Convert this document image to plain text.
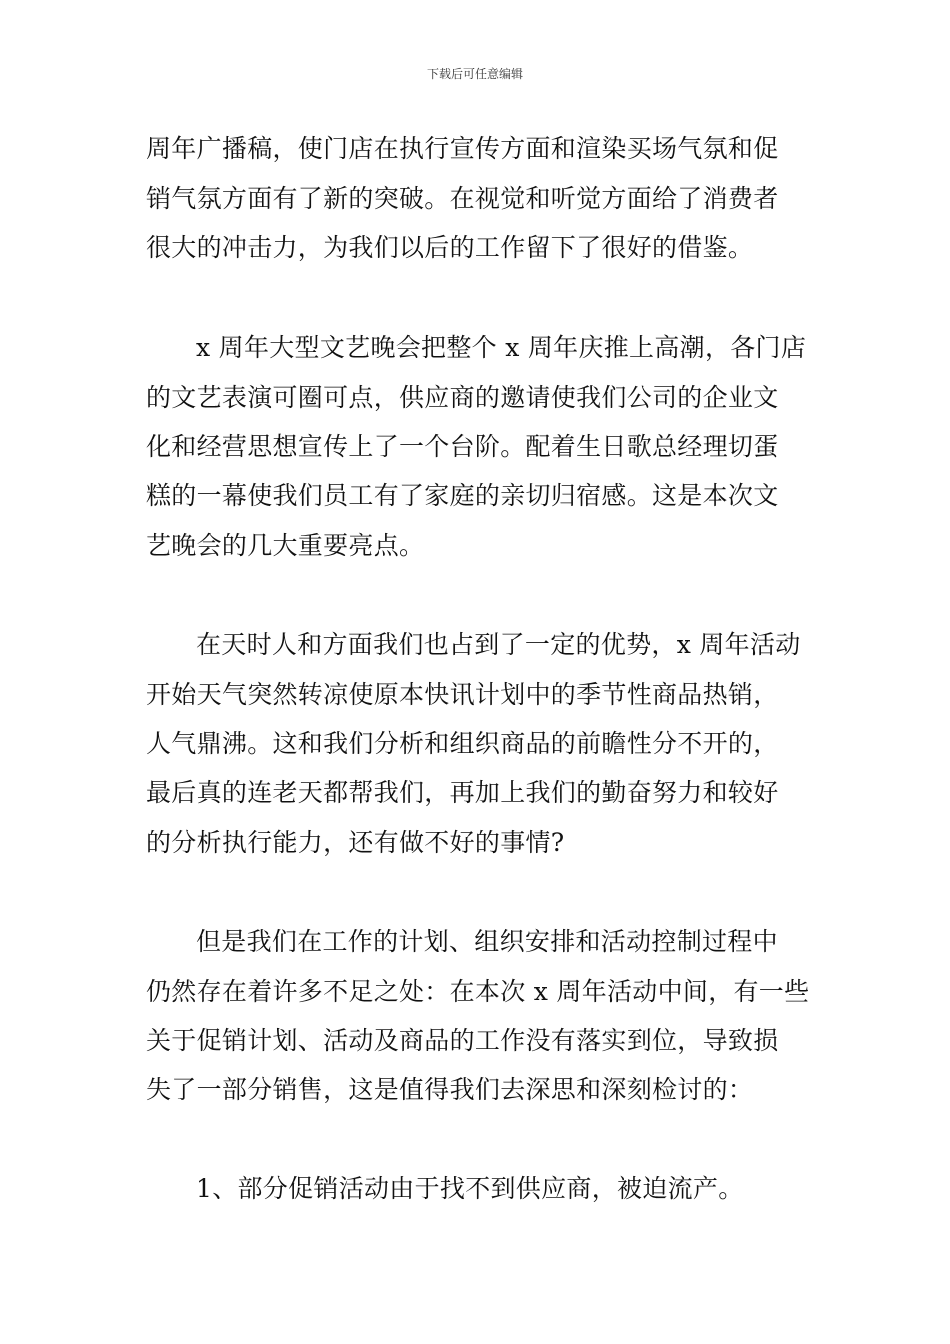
下载后可任意编辑
周年广播稿，使门店在执行宣传方面和渲染买场气氛和促
销气氛方面有了新的突破。在视觉和听觉方面给了消费者
很大的冲击力，为我们以后的工作留下了很好的借鉴。
x 周年大型文艺晚会把整个 x 周年庆推上高潮，各门店
的文艺表演可圈可点，供应商的邀请使我们公司的企业文
化和经营思想宣传上了一个台阶。配着生日歌总经理切蛋
糕的一幕使我们员工有了家庭的亲切归宿感。这是本次文
艺晚会的几大重要亮点。
在天时人和方面我们也占到了一定的优势，x 周年活动
开始天气突然转凉使原本快讯计划中的季节性商品热销，
人气鼎沸。这和我们分析和组织商品的前瞻性分不开的，
最后真的连老天都帮我们，再加上我们的勤奋努力和较好
的分析执行能力，还有做不好的事情?
但是我们在工作的计划、组织安排和活动控制过程中
仍然存在着许多不足之处：在本次 x 周年活动中间，有一些
关于促销计划、活动及商品的工作没有落实到位，导致损
失了一部分销售，这是值得我们去深思和深刻检讨的：
1、部分促销活动由于找不到供应商，被迫流产。
